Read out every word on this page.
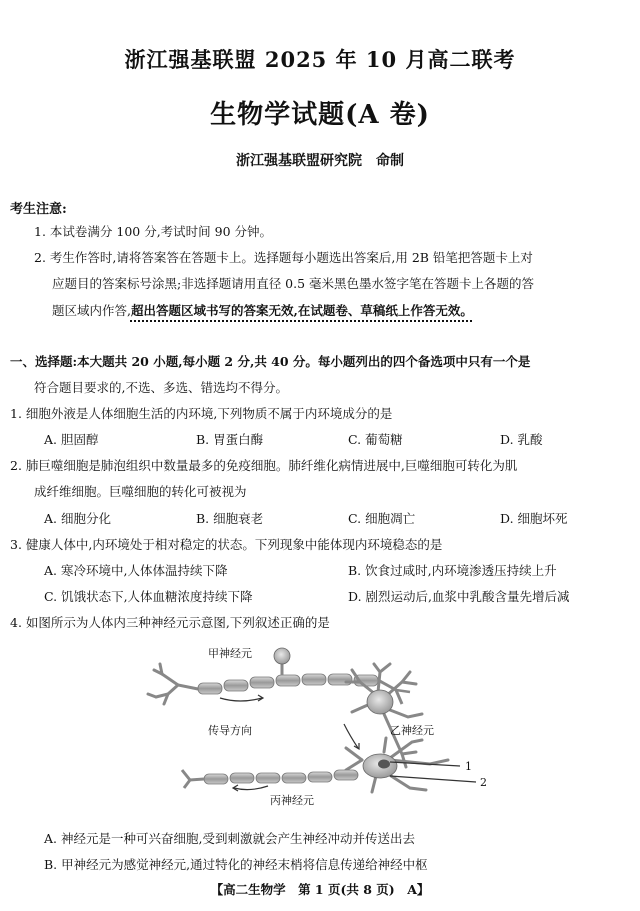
浙江强基联盟 2025 年 10 月高二联考
生物学试题(A 卷)
浙江强基联盟研究院　命制
考生注意:
1. 本试卷满分 100 分,考试时间 90 分钟。
2. 考生作答时,请将答案答在答题卡上。选择题每小题选出答案后,用 2B 铅笔把答题卡上对
应题目的答案标号涂黑;非选择题请用直径 0.5 毫米黑色墨水签字笔在答题卡上各题的答
题区域内作答,超出答题区域书写的答案无效,在试题卷、草稿纸上作答无效。
一、选择题:本大题共 20 小题,每小题 2 分,共 40 分。每小题列出的四个备选项中只有一个是
符合题目要求的,不选、多选、错选均不得分。
1. 细胞外液是人体细胞生活的内环境,下列物质不属于内环境成分的是
A. 胆固醇	B. 胃蛋白酶	C. 葡萄糖	D. 乳酸
2. 肺巨噬细胞是肺泡组织中数量最多的免疫细胞。肺纤维化病情进展中,巨噬细胞可转化为肌
成纤维细胞。巨噬细胞的转化可被视为
A. 细胞分化	B. 细胞衰老	C. 细胞凋亡	D. 细胞坏死
3. 健康人体中,内环境处于相对稳定的状态。下列现象中能体现内环境稳态的是
A. 寒冷环境中,人体体温持续下降	B. 饮食过咸时,内环境渗透压持续上升
C. 饥饿状态下,人体血糖浓度持续下降	D. 剧烈运动后,血浆中乳酸含量先增后减
4. 如图所示为人体内三种神经元示意图,下列叙述正确的是
甲神经元
传导方向	乙神经元
丙神经元
1
2
A. 神经元是一种可兴奋细胞,受到刺激就会产生神经冲动并传送出去
B. 甲神经元为感觉神经元,通过特化的神经末梢将信息传递给神经中枢
【高二生物学　第 1 页(共 8 页)　A】
